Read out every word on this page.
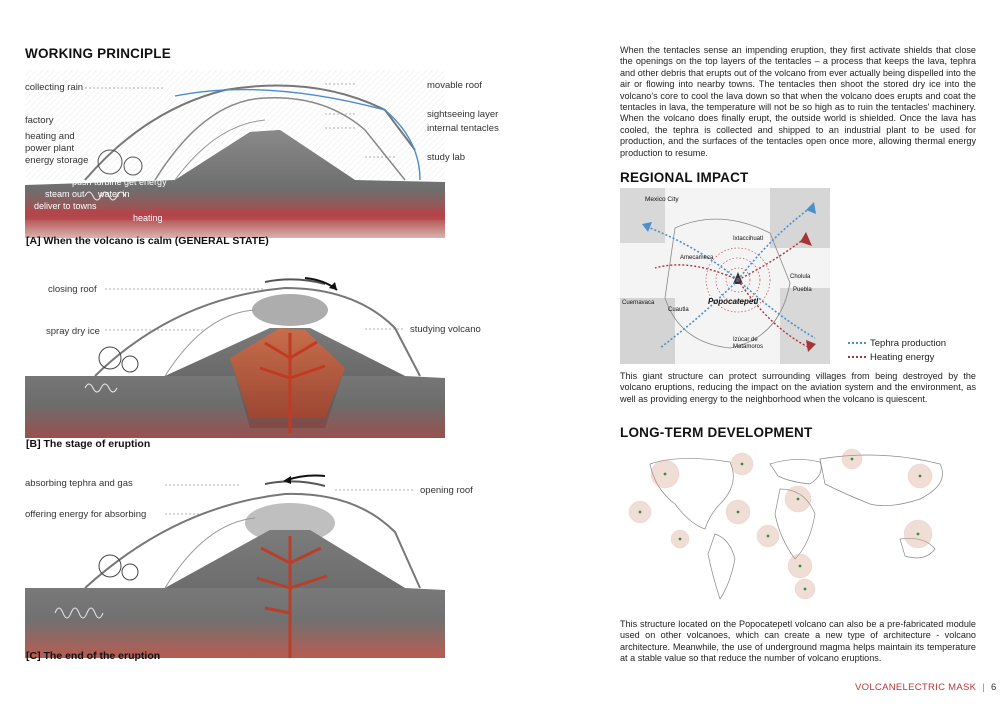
WORKING PRINCIPLE
collecting rain
factory
heating and
power plant
energy storage
movable roof
sightseeing layer
internal tentacles
study lab
push turbine get energy
steam out water in
deliver to towns
heating
[A] When the volcano is calm (GENERAL STATE)
closing roof
spray dry ice	studying volcano
[B] The stage of eruption
absorbing tephra and gas
offering energy for absorbing
opening roof
[C] The end of the eruption
When the tentacles sense an impending eruption, they first activate shields that close the openings on the top layers of the tentacles – a process that keeps the lava, tephra and other debris that erupts out of the volcano from ever actually being dispelled into the air or flowing into nearby towns. The tentacles then shoot the stored dry ice into the volcano's core to cool the lava down so that when the volcano does erupts and coat the tentacles in lava, the temperature will not be so high as to ruin the tentacles' machinery. When the volcano does finally erupt, the outside world is shielded. Once the lava has cooled, the tephra is collected and shipped to an industrial plant to be used for production, and the surfaces of the tentacles open once more, allowing thermal energy production to resume.
REGIONAL IMPACT
Mexico City
Ixtaccihuatl
Amecameca
Popocatepetl
Cholula
Puebla
Cuernavaca
Cuautla
Izúcar de Matamoros	Tephra production
Heating energy
This giant structure can protect surrounding villages from being destroyed by the volcano eruptions, reducing the impact on the aviation system and the environment, as well as providing energy to the neighborhood when the volcano is quiescent.
LONG-TERM DEVELOPMENT
This structure located on the Popocatepetl volcano can also be a pre-fabricated module used on other volcanoes, which can create a new type of architecture - volcano architecture. Meanwhile, the use of underground magma helps maintain its temperature at a stable value so that reduce the number of volcano eruptions.
VOLCANELECTRIC MASK | 6
